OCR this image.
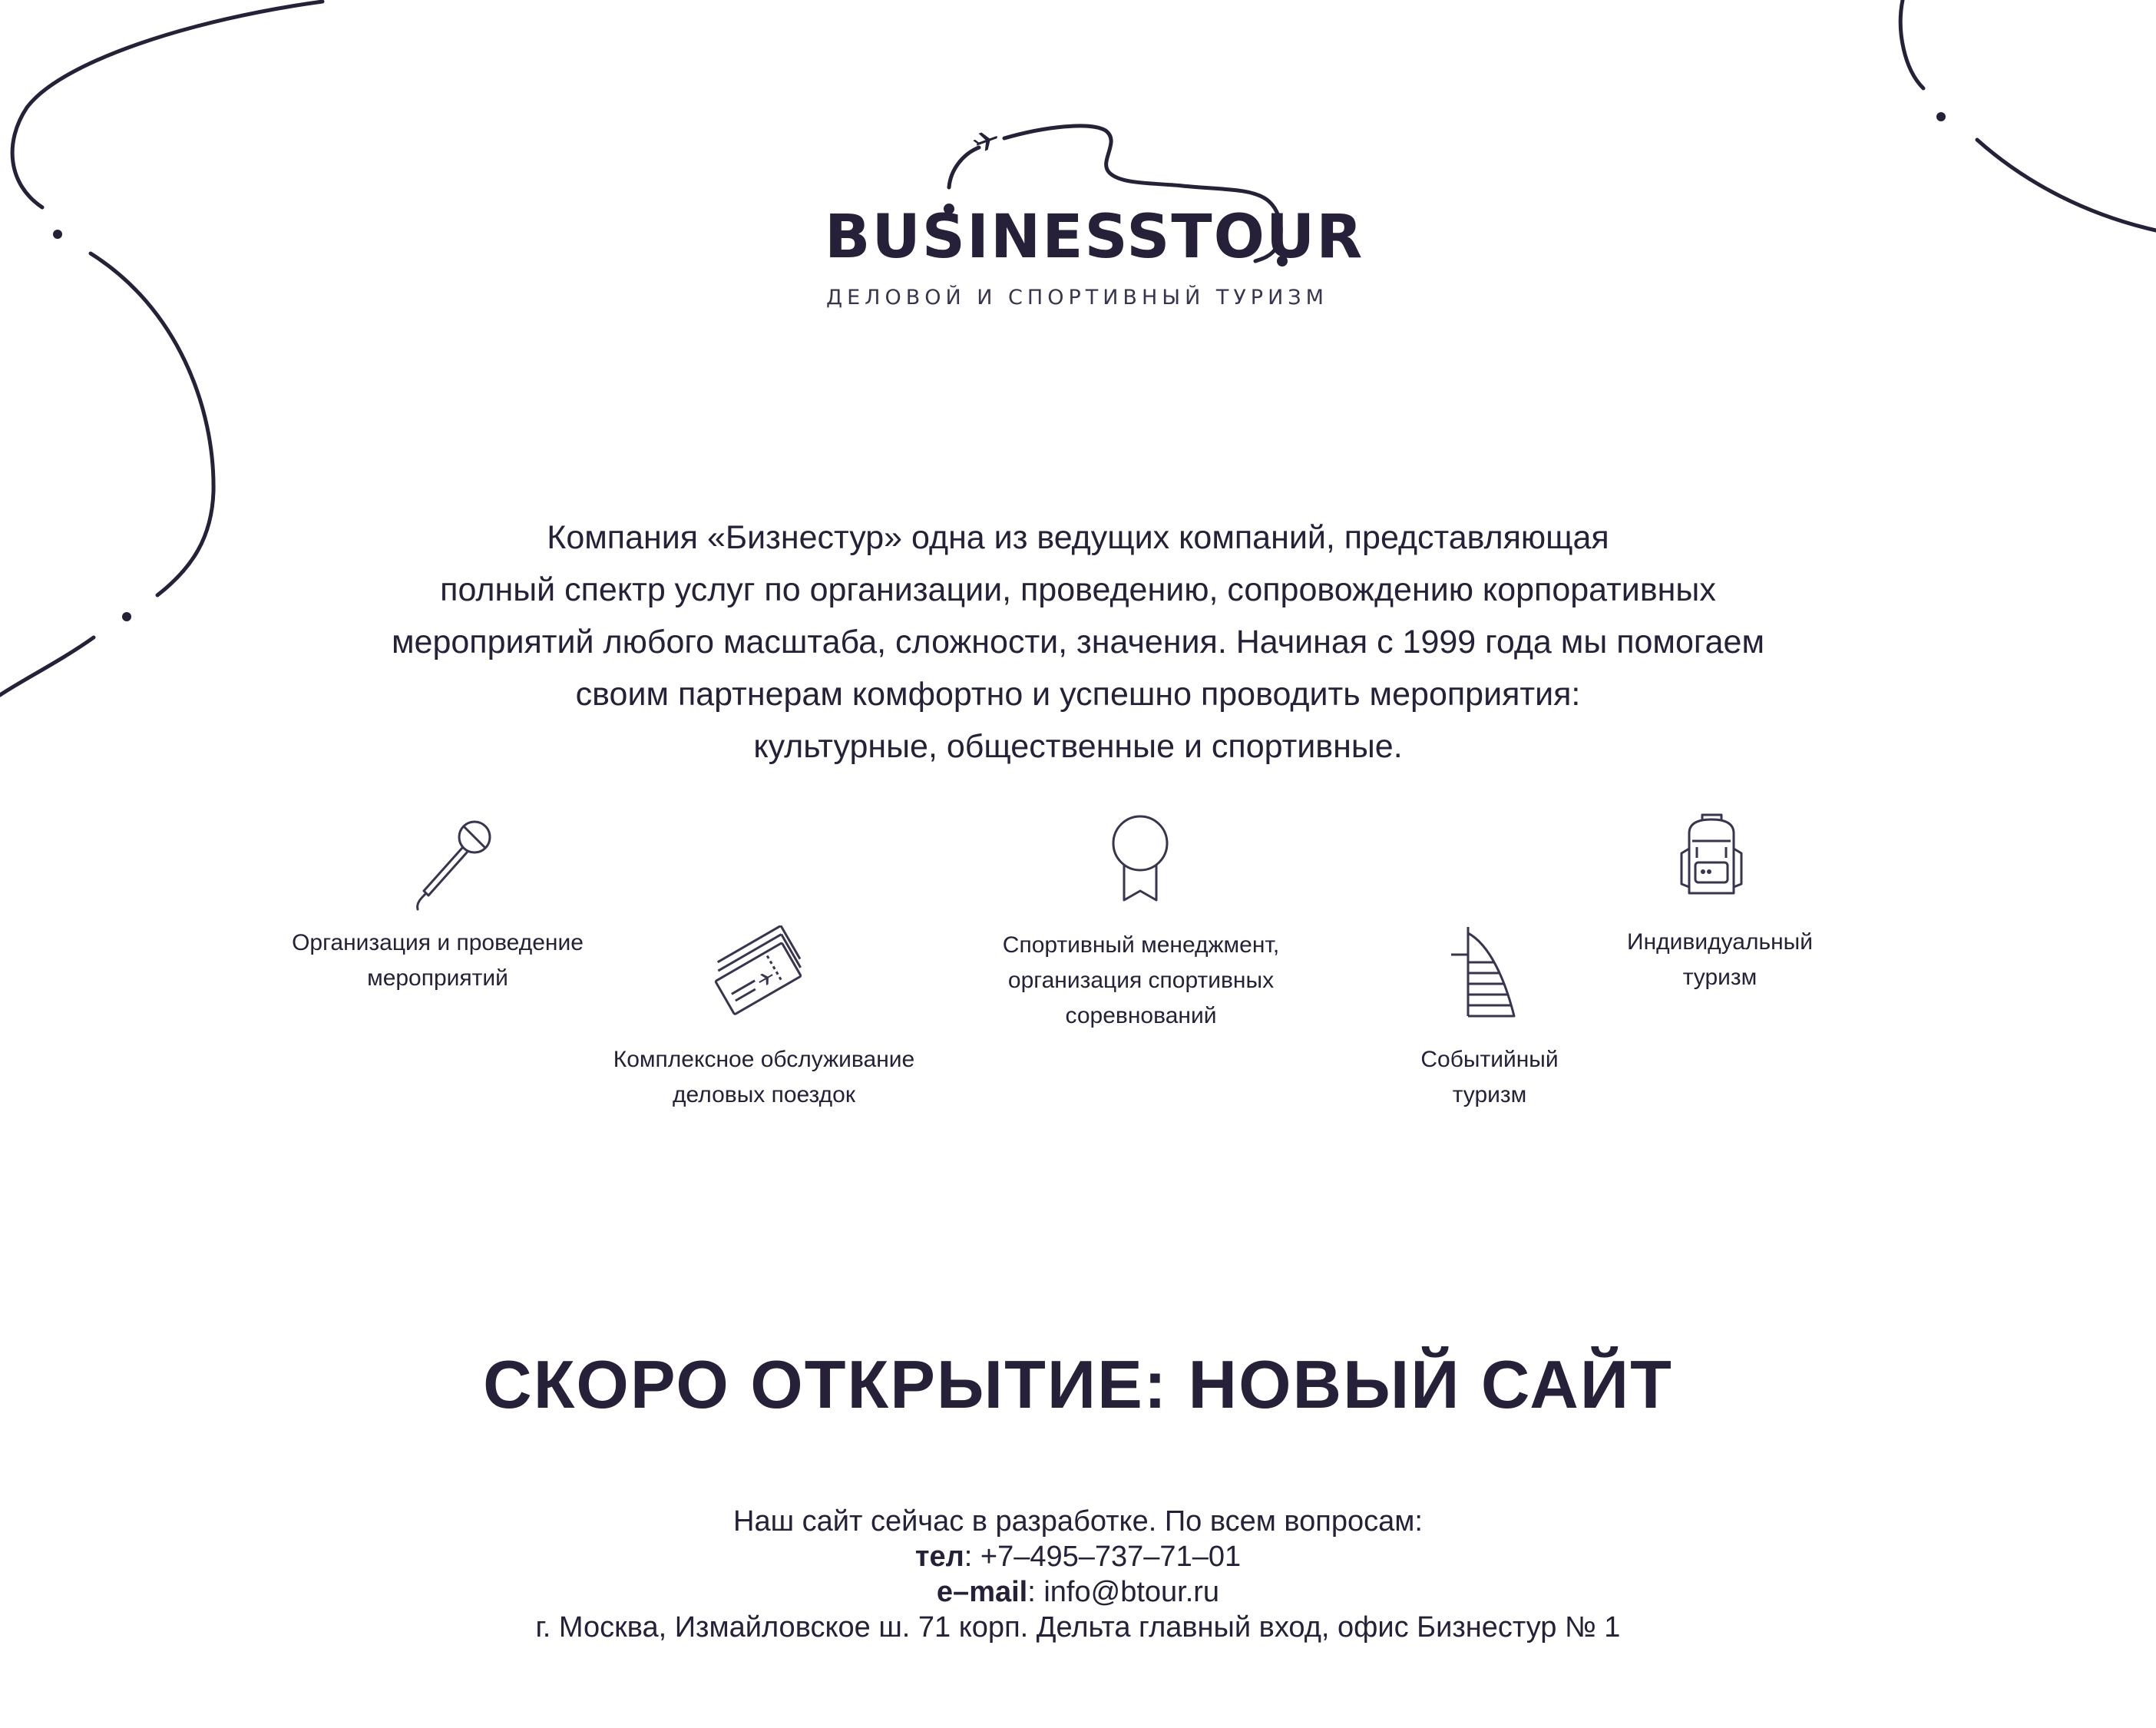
BUSINESSTOUR
ДЕЛОВОЙ И СПОРТИВНЫЙ ТУРИЗМ
Компания «Бизнестур» одна из ведущих компаний, представляющая
полный спектр услуг по организации, проведению, сопровождению корпоративных
мероприятий любого масштаба, сложности, значения. Начиная с 1999 года мы помогаем
своим партнерам комфортно и успешно проводить мероприятия:
культурные, общественные и спортивные.
Организация и проведение
мероприятий
Комплексное обслуживание
деловых поездок
Спортивный менеджмент,
организация спортивных
соревнований
Событийный
туризм
Индивидуальный
туризм
СКОРО ОТКРЫТИЕ: НОВЫЙ САЙТ
Наш сайт сейчас в разработке. По всем вопросам:
тел: +7–495–737–71–01
e–mail: info@btour.ru
г. Москва, Измайловское ш. 71 корп. Дельта главный вход, офис Бизнестур № 1
